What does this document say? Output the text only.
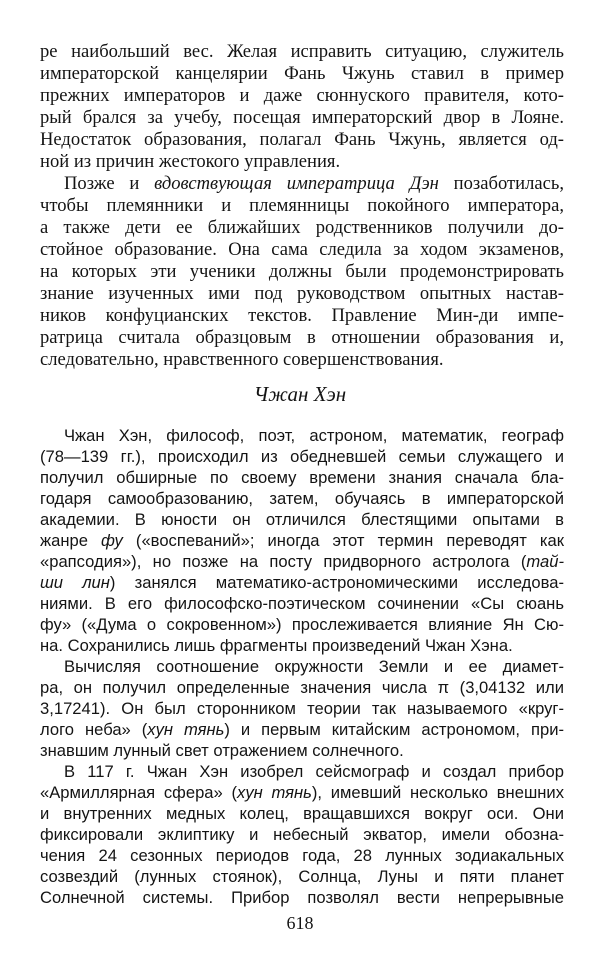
ре наибольший вес. Желая исправить ситуацию, служитель
императорской канцелярии Фань Чжунь ставил в пример
прежних императоров и даже сюннуского правителя, кото-
рый брался за учебу, посещая императорский двор в Лояне.
Недостаток образования, полагал Фань Чжунь, является од-
ной из причин жестокого управления.
Позже и вдовствующая императрица Дэн позаботилась,
чтобы племянники и племянницы покойного императора,
а также дети ее ближайших родственников получили до-
стойное образование. Она сама следила за ходом экзаменов,
на которых эти ученики должны были продемонстрировать
знание изученных ими под руководством опытных настав-
ников конфуцианских текстов. Правление Мин-ди импе-
ратрица считала образцовым в отношении образования и,
следовательно, нравственного совершенствования.
Чжан Хэн
Чжан Хэн, философ, поэт, астроном, математик, географ
(78—139 гг.), происходил из обедневшей семьи служащего и
получил обширные по своему времени знания сначала бла-
годаря самообразованию, затем, обучаясь в императорской
академии. В юности он отличился блестящими опытами в
жанре фу («воспеваний»; иногда этот термин переводят как
«рапсодия»), но позже на посту придворного астролога (тай-
ши лин) занялся математико-астрономическими исследова-
ниями. В его философско-поэтическом сочинении «Сы сюань
фу» («Дума о сокровенном») прослеживается влияние Ян Сю-
на. Сохранились лишь фрагменты произведений Чжан Хэна.
Вычисляя соотношение окружности Земли и ее диамет-
ра, он получил определенные значения числа π (3,04132 или
3,17241). Он был сторонником теории так называемого «круг-
лого неба» (хун тянь) и первым китайским астрономом, при-
знавшим лунный свет отражением солнечного.
В 117 г. Чжан Хэн изобрел сейсмограф и создал прибор
«Армиллярная сфера» (хун тянь), имевший несколько внешних
и внутренних медных колец, вращавшихся вокруг оси. Они
фиксировали эклиптику и небесный экватор, имели обозна-
чения 24 сезонных периодов года, 28 лунных зодиакальных
созвездий (лунных стоянок), Солнца, Луны и пяти планет
Солнечной системы. Прибор позволял вести непрерывные
618
